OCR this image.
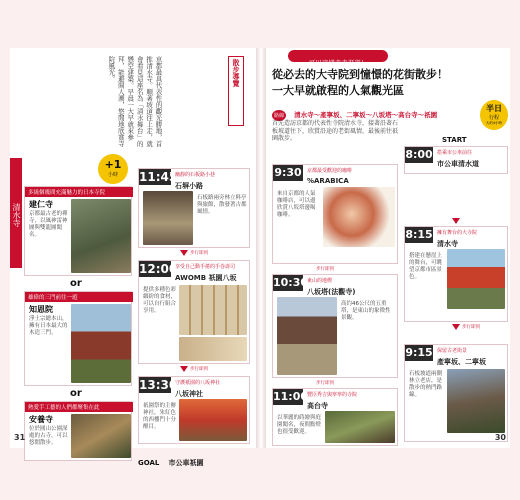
清水寺
+1
小時
多繞個幾間充滿魅力的日本寺院
建仁寺
京都最古老的禪寺，以風神雷神圖與雙龍圖聞名。
or
雄偉的三門前往一遊
知恩院
淨土宗總本山，擁有日本最大的木造三門。
or
熱愛手工藝的人們都聚集在此
安養寺
位於圓山公園深處的古寺，可以悠閒散步。
京都最具代表性的觀光勝地，首推清水寺。順著坡道往上走，就會看見這座名為「清水舞台」的懸空建築。早晨一大早就來參拜，能避開人潮，悠閒地欣賞寺院風光。	散步導覽
11:45
幽靜的石板路小巷
石塀小路
石板路兩旁林立料亭與旅館，散發著古都風情。
步行即到
12:00
享受自己動手捲的手巻壽司
AWOMB 祇園八坂
提供多種色彩繽紛的食材，可以自行組合享用。
步行即到
13:30
守護祇園的八坂神社
八坂神社
祇園祭的主辦神社，朱紅色的西樓門十分醒目。
GOAL 市公車祇園
31
可以這樣走走逛逛！
從必去的大寺院到憧憬的花街散步！
一大早就啟程的人氣觀光區
路線 清水寺～產寧坂、二寧坂～八坂塔～高台寺～祇園
半日
行程
大約4小時
首先造訪京都的代表性寺院清水寺，接著沿著石板坡道往下，欣賞沿途的老街風情，最後前往祇園散步。	START
8:00 搭乘市公車前往
市公車清水道
8:15 擁有舞台的大寺院
清水寺
搭建在懸崖上的舞台，可眺望京都市區景色。
步行即到
9:15 保留古老街景
產寧坂、二寧坂
石板坡道兩側林立老店，是散步的熱門路線。
9:30 京都最受歡迎的咖啡
%ARABICA
來自京都的人氣咖啡店，可以邊欣賞八坂塔邊喝咖啡。
步行即到
10:30
東山的地標
八坂塔(法觀寺)
高約46公尺的五重塔，是東山的象徵性景觀。
步行即到
11:00
豐臣秀吉與寧寧的寺院
高台寺
以華麗的蒔繪與庭園聞名，夜間點燈也很受歡迎。
30
